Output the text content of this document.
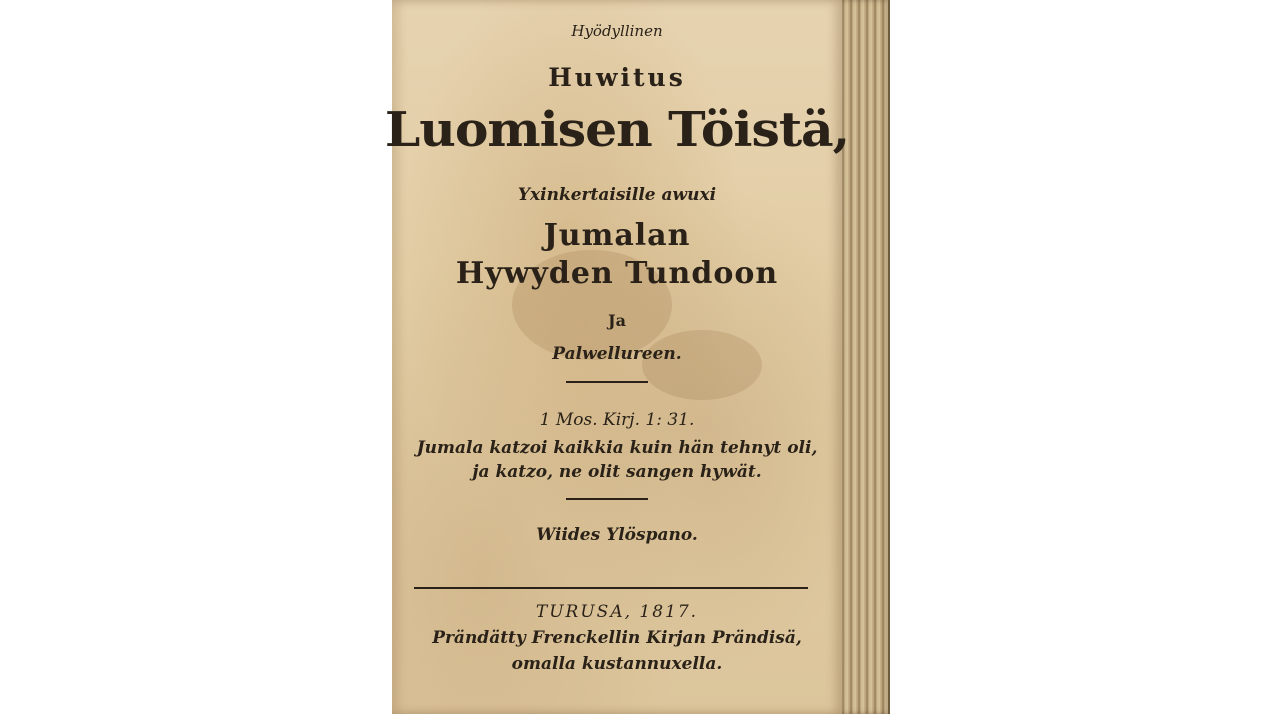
Hyödyllinen
Huwitus
Luomisen Töistä,
Yxinkertaisille awuxi
Jumalan
Hywyden Tundoon
Ja
Palwellureen.
1 Mos. Kirj. 1: 31.
Jumala katzoi kaikkia kuin hän tehnyt oli,
ja katzo, ne olit sangen hywät.
Wiides Ylöspano.
TURUSA, 1817.
Prändätty Frenckellin Kirjan Prändisä,
omalla kustannuxella.
